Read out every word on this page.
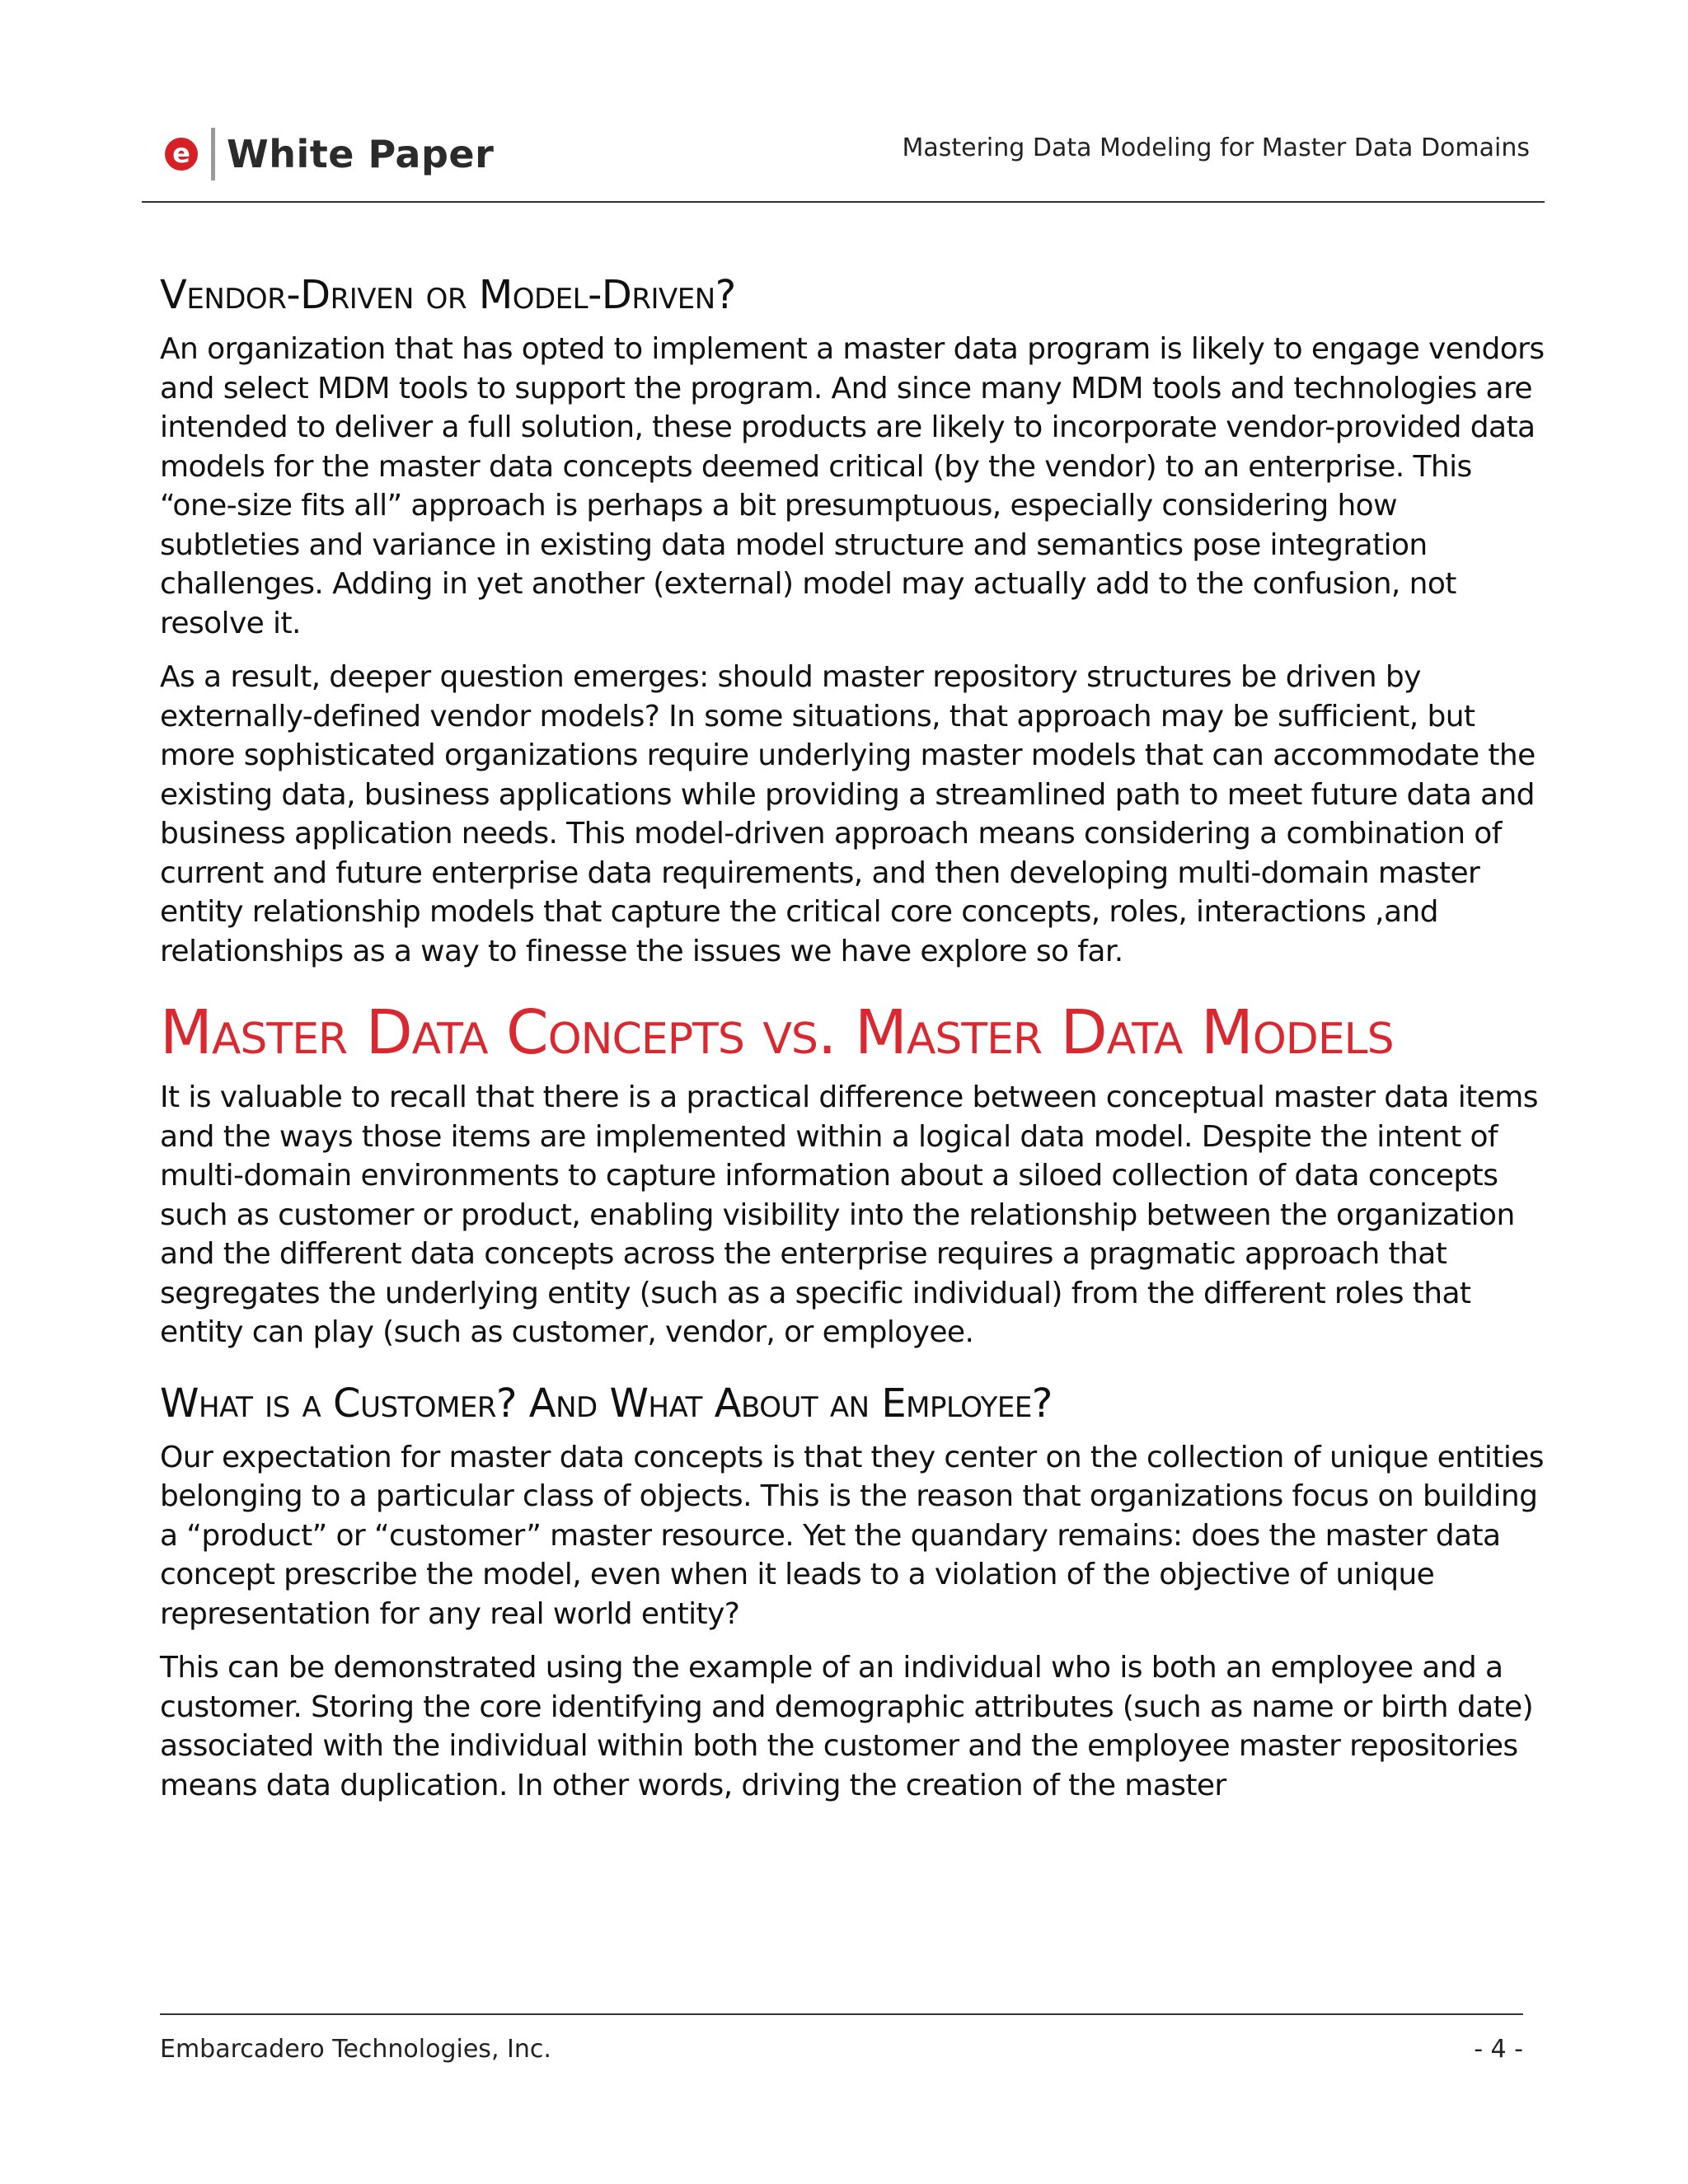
e White Paper	Mastering Data Modeling for Master Data Domains
Vendor-Driven or Model-Driven?

An organization that has opted to implement a master data program is likely to engage vendors and select MDM tools to support the program. And since many MDM tools and technologies are intended to deliver a full solution, these products are likely to incorporate vendor-provided data models for the master data concepts deemed critical (by the vendor) to an enterprise. This “one-size fits all” approach is perhaps a bit presumptuous, especially considering how subtleties and variance in existing data model structure and semantics pose integration challenges. Adding in yet another (external) model may actually add to the confusion, not resolve it.

As a result, deeper question emerges: should master repository structures be driven by externally-defined vendor models? In some situations, that approach may be sufficient, but more sophisticated organizations require underlying master models that can accommodate the existing data, business applications while providing a streamlined path to meet future data and business application needs. This model-driven approach means considering a combination of current and future enterprise data requirements, and then developing multi-domain master entity relationship models that capture the critical core concepts, roles, interactions ,and relationships as a way to finesse the issues we have explore so far.

Master Data Concepts vs. Master Data Models

It is valuable to recall that there is a practical difference between conceptual master data items and the ways those items are implemented within a logical data model. Despite the intent of multi-domain environments to capture information about a siloed collection of data concepts such as customer or product, enabling visibility into the relationship between the organization and the different data concepts across the enterprise requires a pragmatic approach that segregates the underlying entity (such as a specific individual) from the different roles that entity can play (such as customer, vendor, or employee.

What is a Customer? And What About an Employee?

Our expectation for master data concepts is that they center on the collection of unique entities belonging to a particular class of objects. This is the reason that organizations focus on building a “product” or “customer” master resource. Yet the quandary remains: does the master data concept prescribe the model, even when it leads to a violation of the objective of unique representation for any real world entity?

This can be demonstrated using the example of an individual who is both an employee and a customer. Storing the core identifying and demographic attributes (such as name or birth date) associated with the individual within both the customer and the employee master repositories means data duplication. In other words, driving the creation of the master

Embarcadero Technologies, Inc.	- 4 -
